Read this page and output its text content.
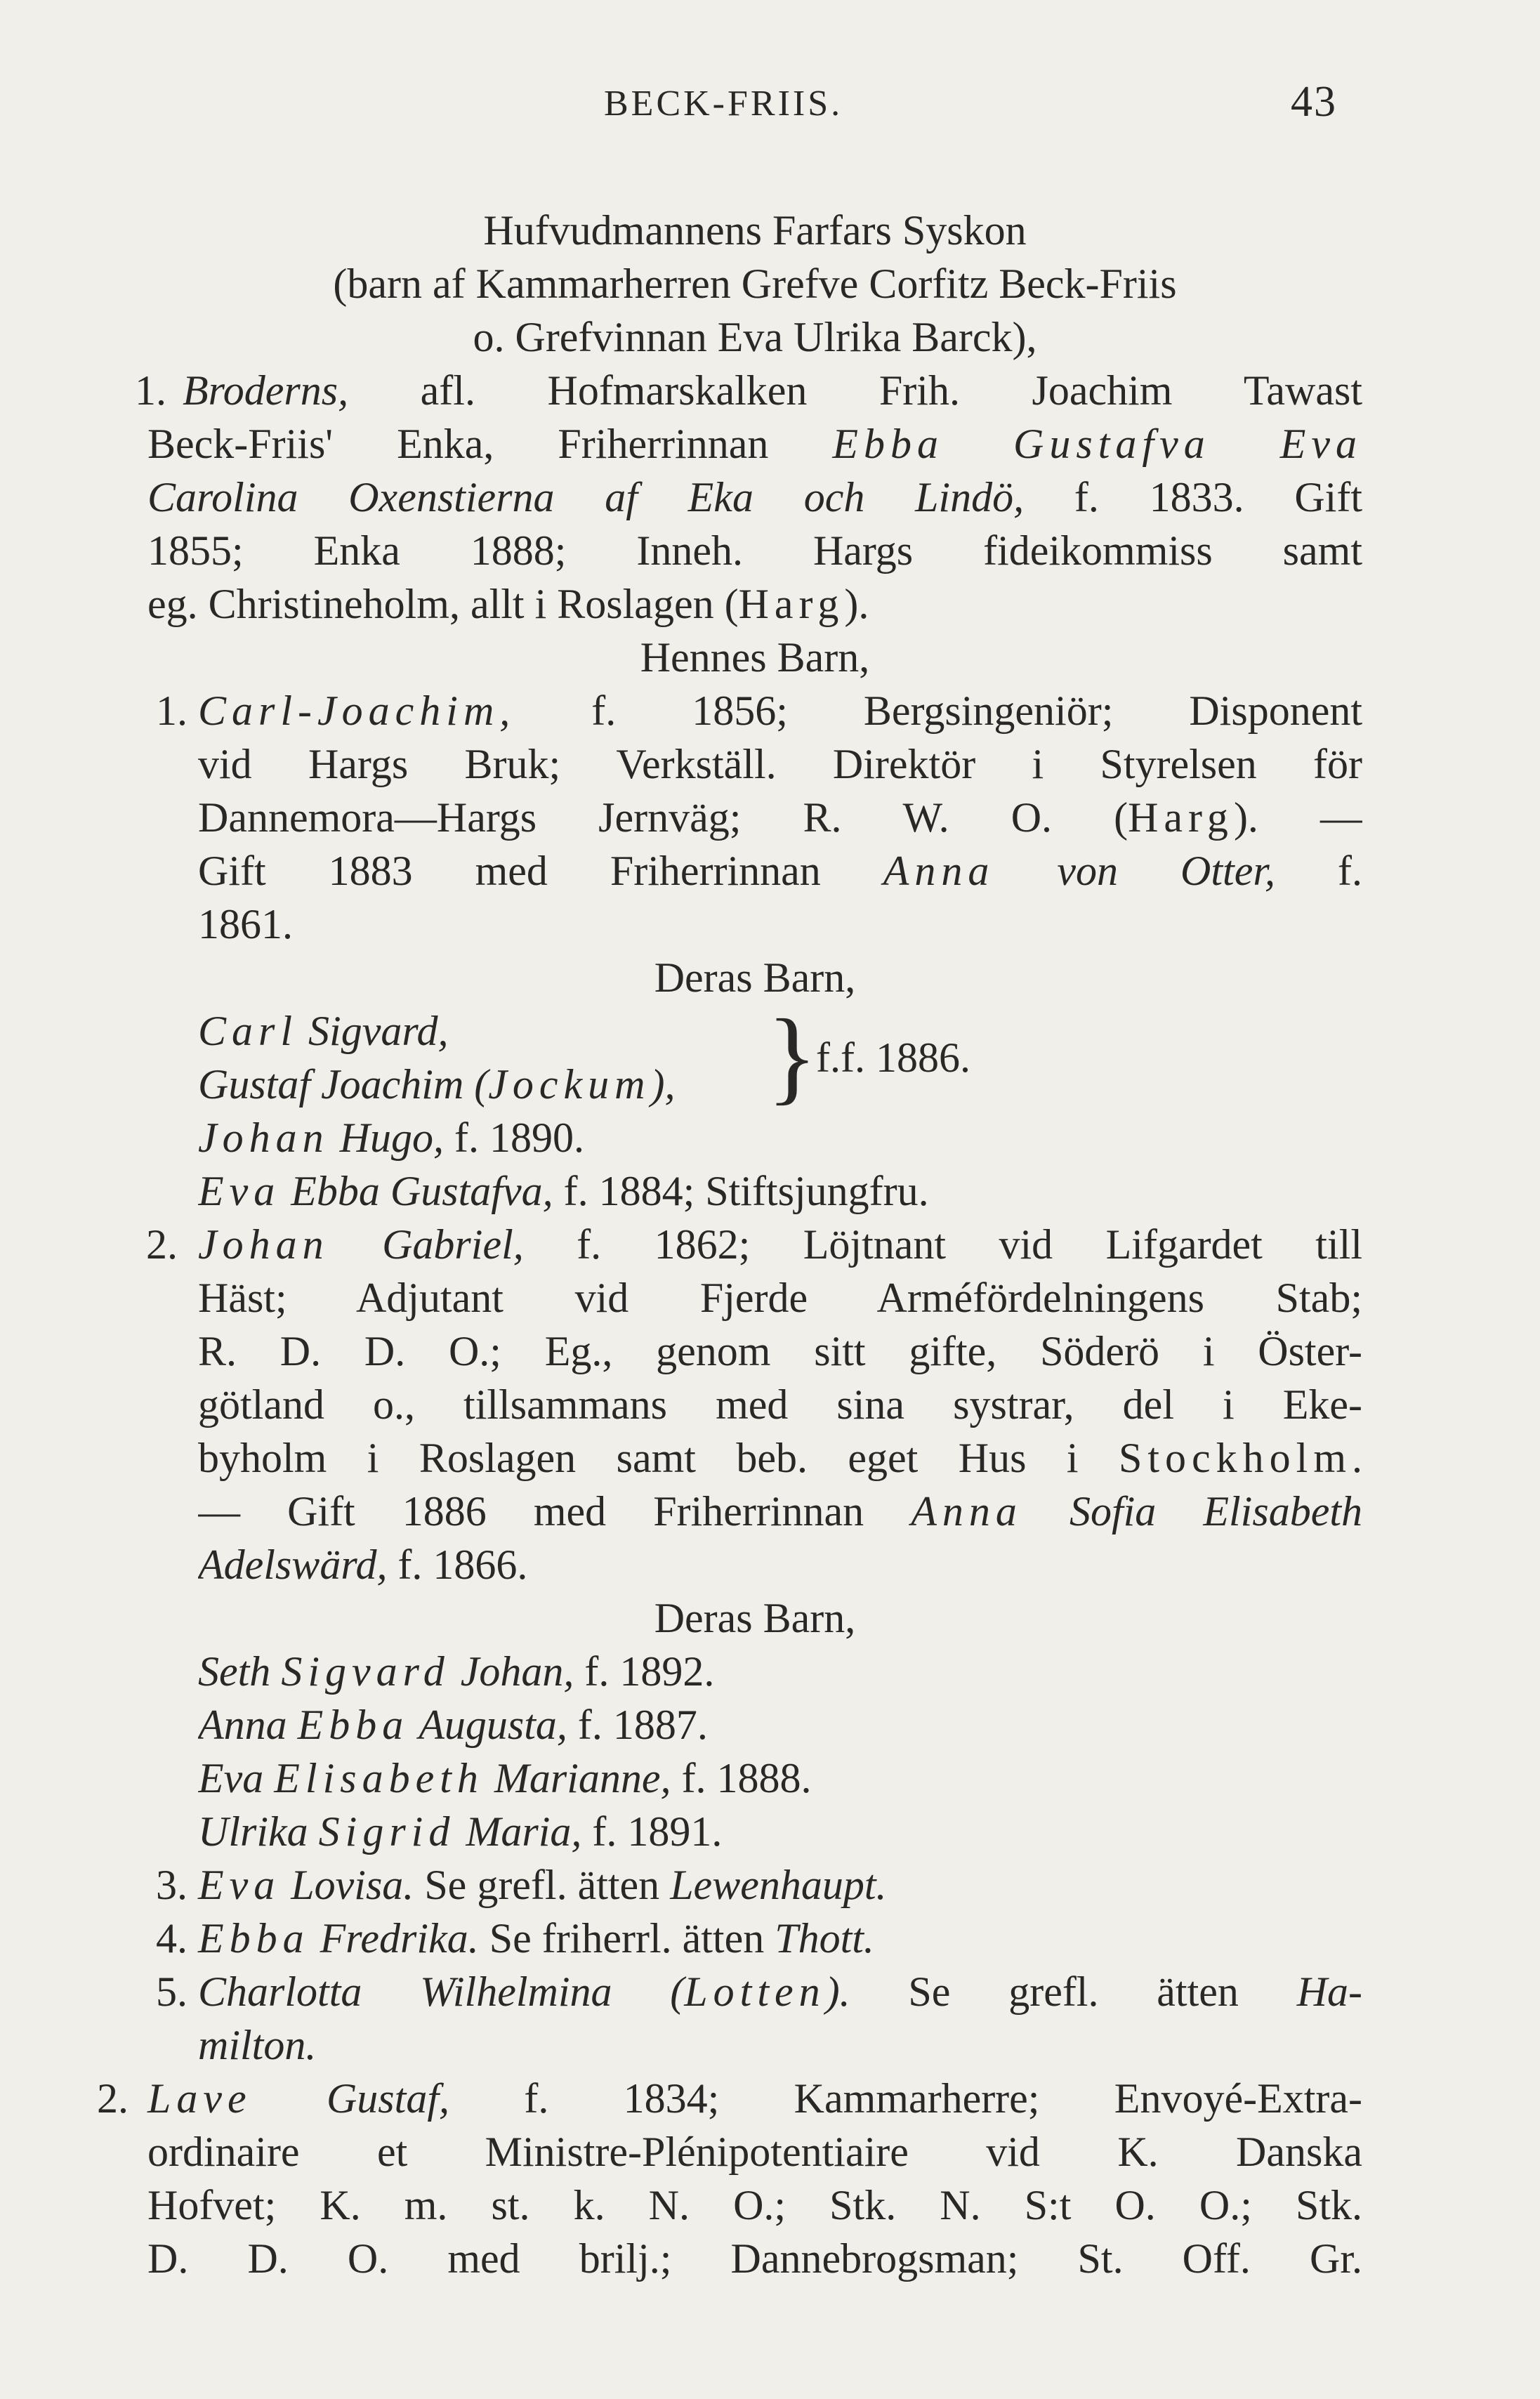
BECK-FRIIS.	43
Hufvudmannens Farfars Syskon
(barn af Kammarherren Grefve Corfitz Beck-Friis
o. Grefvinnan Eva Ulrika Barck),
1. Broderns, afl. Hofmarskalken Frih. Joachim Tawast
Beck-Friis' Enka, Friherrinnan Ebba Gustafva Eva
Carolina Oxenstierna af Eka och Lindö, f. 1833. Gift
1855; Enka 1888; Inneh. Hargs fideikommiss samt
eg. Christineholm, allt i Roslagen (Harg).
Hennes Barn,
1. Carl-Joachim, f. 1856; Bergsingeniör; Disponent
vid Hargs Bruk; Verkställ. Direktör i Styrelsen för
Dannemora—Hargs Jernväg; R. W. O. (Harg). —
Gift 1883 med Friherrinnan Anna von Otter, f.
1861.
Deras Barn,
Carl Sigvard,
Gustaf Joachim (Jockum), }
f.f. 1886.
Johan Hugo, f. 1890.
Eva Ebba Gustafva, f. 1884; Stiftsjungfru.
2. Johan Gabriel, f. 1862; Löjtnant vid Lifgardet till
Häst; Adjutant vid Fjerde Arméfördelningens Stab;
R. D. D. O.; Eg., genom sitt gifte, Söderö i Öster-
götland o., tillsammans med sina systrar, del i Eke-
byholm i Roslagen samt beb. eget Hus i Stockholm.
— Gift 1886 med Friherrinnan Anna Sofia Elisabeth
Adelswärd, f. 1866.
Deras Barn,
Seth Sigvard Johan, f. 1892.
Anna Ebba Augusta, f. 1887.
Eva Elisabeth Marianne, f. 1888.
Ulrika Sigrid Maria, f. 1891.
3. Eva Lovisa. Se grefl. ätten Lewenhaupt.
4. Ebba Fredrika. Se friherrl. ätten Thott.
5. Charlotta Wilhelmina (Lotten). Se grefl. ätten Ha-
milton.
2. Lave Gustaf, f. 1834; Kammarherre; Envoyé-Extra-
ordinaire et Ministre-Plénipotentiaire vid K. Danska
Hofvet; K. m. st. k. N. O.; Stk. N. S:t O. O.; Stk.
D. D. O. med brilj.; Dannebrogsman; St. Off. Gr.
